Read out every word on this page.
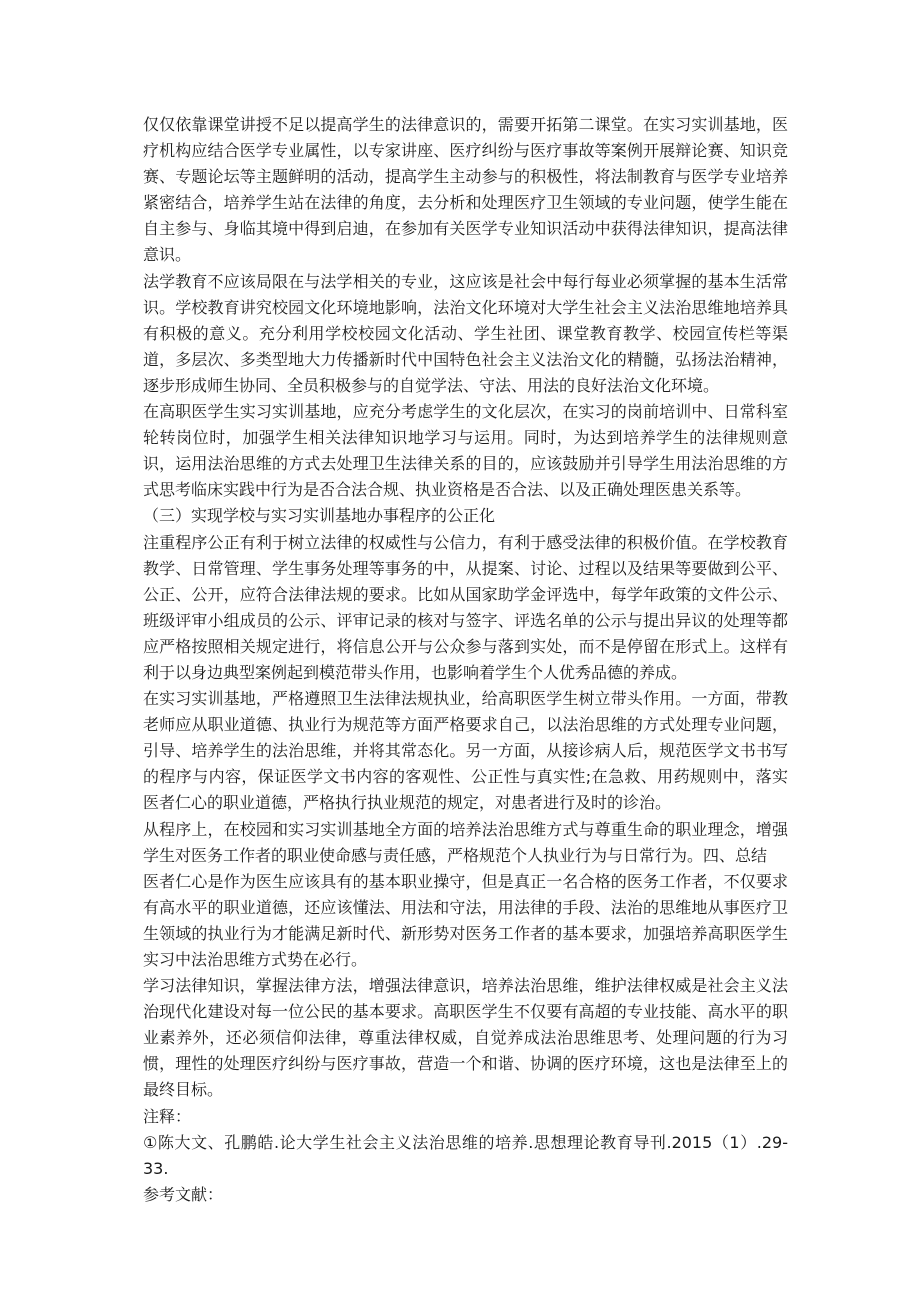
仅仅依靠课堂讲授不足以提高学生的法律意识的，需要开拓第二课堂。在实习实训基地，医疗机构应结合医学专业属性，以专家讲座、医疗纠纷与医疗事故等案例开展辩论赛、知识竞赛、专题论坛等主题鲜明的活动，提高学生主动参与的积极性，将法制教育与医学专业培养紧密结合，培养学生站在法律的角度，去分析和处理医疗卫生领域的专业问题，使学生能在自主参与、身临其境中得到启迪，在参加有关医学专业知识活动中获得法律知识，提高法律意识。

法学教育不应该局限在与法学相关的专业，这应该是社会中每行每业必须掌握的基本生活常识。学校教育讲究校园文化环境地影响，法治文化环境对大学生社会主义法治思维地培养具有积极的意义。充分利用学校校园文化活动、学生社团、课堂教育教学、校园宣传栏等渠道，多层次、多类型地大力传播新时代中国特色社会主义法治文化的精髓，弘扬法治精神，逐步形成师生协同、全员积极参与的自觉学法、守法、用法的良好法治文化环境。

在高职医学生实习实训基地，应充分考虑学生的文化层次，在实习的岗前培训中、日常科室轮转岗位时，加强学生相关法律知识地学习与运用。同时，为达到培养学生的法律规则意识，运用法治思维的方式去处理卫生法律关系的目的，应该鼓励并引导学生用法治思维的方式思考临床实践中行为是否合法合规、执业资格是否合法、以及正确处理医患关系等。

（三）实现学校与实习实训基地办事程序的公正化

注重程序公正有利于树立法律的权威性与公信力，有利于感受法律的积极价值。在学校教育教学、日常管理、学生事务处理等事务的中，从提案、讨论、过程以及结果等要做到公平、公正、公开，应符合法律法规的要求。比如从国家助学金评选中，每学年政策的文件公示、班级评审小组成员的公示、评审记录的核对与签字、评选名单的公示与提出异议的处理等都应严格按照相关规定进行，将信息公开与公众参与落到实处，而不是停留在形式上。这样有利于以身边典型案例起到模范带头作用，也影响着学生个人优秀品德的养成。

在实习实训基地，严格遵照卫生法律法规执业，给高职医学生树立带头作用。一方面，带教老师应从职业道德、执业行为规范等方面严格要求自己，以法治思维的方式处理专业问题，引导、培养学生的法治思维，并将其常态化。另一方面，从接诊病人后，规范医学文书书写的程序与内容，保证医学文书内容的客观性、公正性与真实性;在急救、用药规则中，落实医者仁心的职业道德，严格执行执业规范的规定，对患者进行及时的诊治。

从程序上，在校园和实习实训基地全方面的培养法治思维方式与尊重生命的职业理念，增强学生对医务工作者的职业使命感与责任感，严格规范个人执业行为与日常行为。四、总结

医者仁心是作为医生应该具有的基本职业操守，但是真正一名合格的医务工作者，不仅要求有高水平的职业道德，还应该懂法、用法和守法，用法律的手段、法治的思维地从事医疗卫生领域的执业行为才能满足新时代、新形势对医务工作者的基本要求，加强培养高职医学生实习中法治思维方式势在必行。

学习法律知识，掌握法律方法，增强法律意识，培养法治思维，维护法律权威是社会主义法治现代化建设对每一位公民的基本要求。高职医学生不仅要有高超的专业技能、高水平的职业素养外，还必须信仰法律，尊重法律权威，自觉养成法治思维思考、处理问题的行为习惯，理性的处理医疗纠纷与医疗事故，营造一个和谐、协调的医疗环境，这也是法律至上的最终目标。

注释：

①陈大文、孔鹏皓.论大学生社会主义法治思维的培养.思想理论教育导刊.2015（1）.29-33.

参考文献：
